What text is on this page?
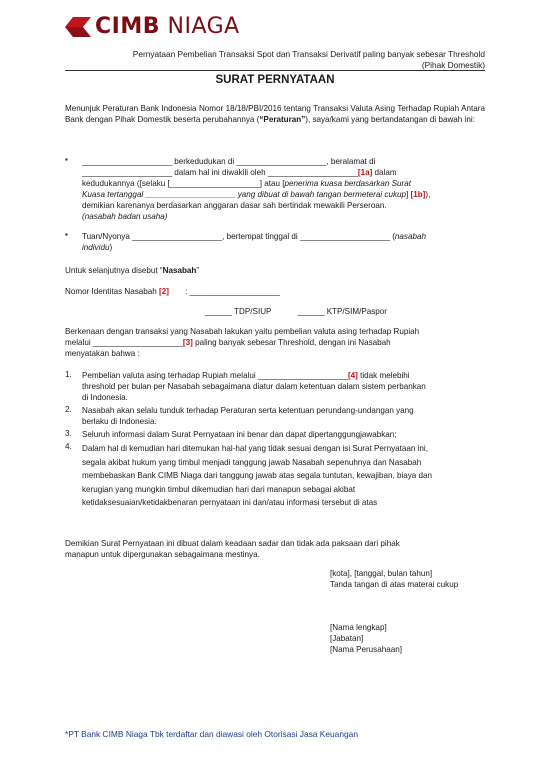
CIMB NIAGA
Pernyataan Pembelian Transaksi Spot dan Transaksi Derivatif paling banyak sebesar Threshold
(Pihak Domestik)
SURAT PERNYATAAN
Menunjuk Peraturan Bank Indonesia Nomor 18/18/PBI/2016 tentang Transaksi Valuta Asing Terhadap Rupiah Antara Bank dengan Pihak Domestik beserta perubahannya (“Peraturan”), saya/kami yang bertandatangan di bawah ini:
▪ ____________________ berkedudukan di ____________________, beralamat di
____________________ dalam hal ini diwakili oleh ____________________[1a] dalam
kedudukannya ([selaku [____________________] atau [penerima kuasa berdasarkan Surat
Kuasa tertanggal ____________________ yang dibuat di bawah tangan bermeterai cukup] [1b]),
demikian karenanya berdasarkan anggaran dasar sah bertindak mewakili Perseroan.
(nasabah badan usaha)
▪ Tuan/Nyonya ____________________, bertempat tinggal di ____________________ (nasabah
individu)
Untuk selanjutnya disebut “Nasabah”
Nomor Identitas Nasabah [2] : ____________________
______ TDP/SIUP	______ KTP/SIM/Paspor
Berkenaan dengan transaksi yang Nasabah lakukan yaitu pembelian valuta asing terhadap Rupiah
melalui ____________________[3] paling banyak sebesar Threshold, dengan ini Nasabah
menyatakan bahwa :
1. Pembelian valuta asing terhadap Rupiah melalui ____________________[4] tidak melebihi
threshold per bulan per Nasabah sebagaimana diatur dalam ketentuan dalam sistem perbankan
di Indonesia.
2. Nasabah akan selalu tunduk terhadap Peraturan serta ketentuan perundang-undangan yang
berlaku di Indonesia.
3. Seluruh informasi dalam Surat Pernyataan ini benar dan dapat dipertanggungjawabkan;
4. Dalam hal di kemudian hari ditemukan hal-hal yang tidak sesuai dengan isi Surat Pernyataan ini,
segala akibat hukum yang timbul menjadi tanggung jawab Nasabah sepenuhnya dan Nasabah
membebaskan Bank CIMB Niaga dari tanggung jawab atas segala tuntutan, kewajiban, biaya dan
kerugian yang mungkin timbul dikemudian hari dari manapun sebagai akibat
ketidaksesuaian/ketidakbenaran pernyataan ini dan/atau informasi tersebut di atas
Demikian Surat Pernyataan ini dibuat dalam keadaan sadar dan tidak ada paksaan dari pihak
manapun untuk dipergunakan sebagaimana mestinya.
[kota], [tanggal, bulan tahun]
Tanda tangan di atas materai cukup
[Nama lengkap]
[Jabatan]
[Nama Perusahaan]
*PT Bank CIMB Niaga Tbk terdaftar dan diawasi oleh Otorisasi Jasa Keuangan
